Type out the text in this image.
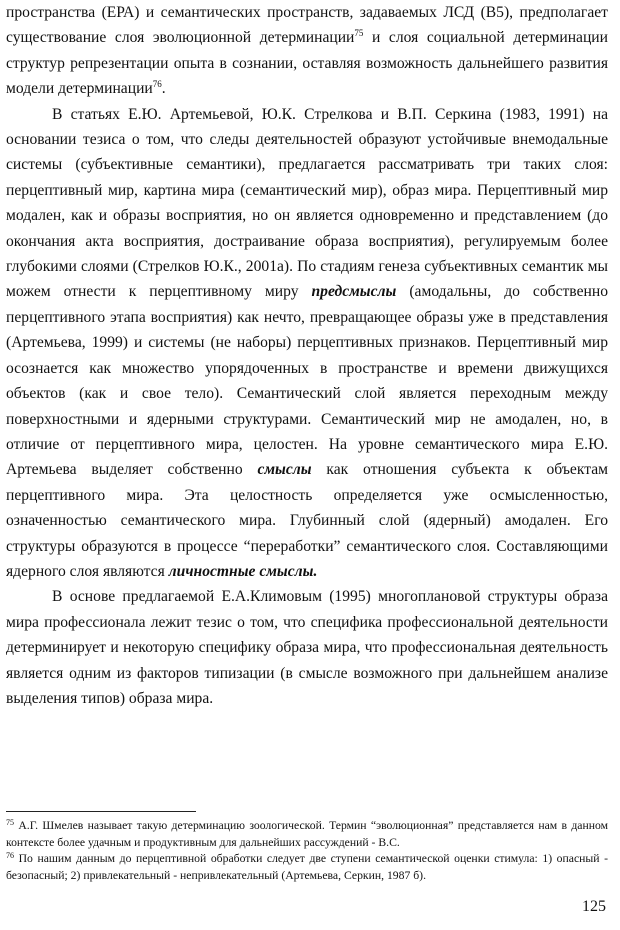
пространства (ЕРА) и семантических пространств, задаваемых ЛСД (B5), предполагает существование слоя эволюционной детерминации$^{75}$ и слоя социальной детерминации структур репрезентации опыта в сознании, оставляя возможность дальнейшего развития модели детерминации$^{76}$.

В статьях Е.Ю. Артемьевой, Ю.К. Стрелкова и В.П. Серкина (1983, 1991) на основании тезиса о том, что следы деятельностей образуют устойчивые внемодальные системы (субъективные семантики), предлагается рассматривать три таких слоя: перцептивный мир, картина мира (семантический мир), образ мира. Перцептивный мир модален, как и образы восприятия, но он является одновременно и представлением (до окончания акта восприятия, достраивание образа восприятия), регулируемым более глубокими слоями (Стрелков Ю.К., 2001а). По стадиям генеза субъективных семантик мы можем отнести к перцептивному миру предсмыслы (амодальны, до собственно перцептивного этапа восприятия) как нечто, превращающее образы уже в представления (Артемьева, 1999) и системы (не наборы) перцептивных признаков. Перцептивный мир осознается как множество упорядоченных в пространстве и времени движущихся объектов (как и свое тело). Семантический слой является переходным между поверхностными и ядерными структурами. Семантический мир не амодален, но, в отличие от перцептивного мира, целостен. На уровне семантического мира Е.Ю. Артемьева выделяет собственно смыслы как отношения субъекта к объектам перцептивного мира. Эта целостность определяется уже осмысленностью, означенностью семантического мира. Глубинный слой (ядерный) амодален. Его структуры образуются в процессе “переработки” семантического слоя. Составляющими ядерного слоя являются личностные смыслы.

В основе предлагаемой Е.А.Климовым (1995) многоплановой структуры образа мира профессионала лежит тезис о том, что специфика профессиональной деятельности детерминирует и некоторую специфику образа мира, что профессиональная деятельность является одним из факторов типизации (в смысле возможного при дальнейшем анализе выделения типов) образа мира.

$^{75}$ А.Г. Шмелев называет такую детерминацию зоологической. Термин “эволюционная” представляется нам в данном контексте более удачным и продуктивным для дальнейших рассуждений - В.С.

$^{76}$ По нашим данным до перцептивной обработки следует две ступени семантической оценки стимула: 1) опасный - безопасный; 2) привлекательный - непривлекательный (Артемьева, Серкин, 1987 б).

125
